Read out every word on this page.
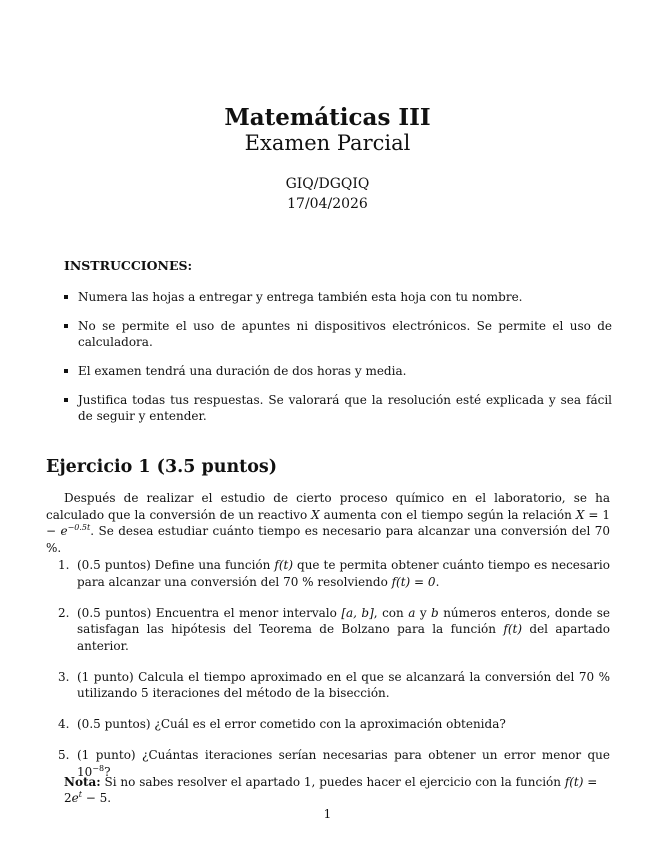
Matemáticas III
Examen Parcial
GIQ/DGQIQ
17/04/2026
INSTRUCCIONES:
Numera las hojas a entregar y entrega también esta hoja con tu nombre.
No se permite el uso de apuntes ni dispositivos electrónicos. Se permite el uso de calculadora.
El examen tendrá una duración de dos horas y media.
Justifica todas tus respuestas. Se valorará que la resolución esté explicada y sea fácil de seguir y entender.
Ejercicio 1 (3.5 puntos)

Después de realizar el estudio de cierto proceso químico en el laboratorio, se ha calculado que la conversión de un reactivo X aumenta con el tiempo según la relación $X = 1 - e^{-0.5t}$. Se desea estudiar cuánto tiempo es necesario para alcanzar una conversión del 70 %.

1. (0.5 puntos) Define una función f(t) que te permita obtener cuánto tiempo es necesario para alcanzar una conversión del 70 % resolviendo f(t) = 0.
2. (0.5 puntos) Encuentra el menor intervalo [a, b], con a y b números enteros, donde se satisfagan las hipótesis del Teorema de Bolzano para la función f(t) del apartado anterior.
3. (1 punto) Calcula el tiempo aproximado en el que se alcanzará la conversión del 70 % utilizando 5 iteraciones del método de la bisección.
4. (0.5 puntos) ¿Cuál es el error cometido con la aproximación obtenida?
5. (1 punto) ¿Cuántas iteraciones serían necesarias para obtener un error menor que $10^{-8}$?

Nota: Si no sabes resolver el apartado 1, puedes hacer el ejercicio con la función $f(t) = 2e^t - 5$.

1
